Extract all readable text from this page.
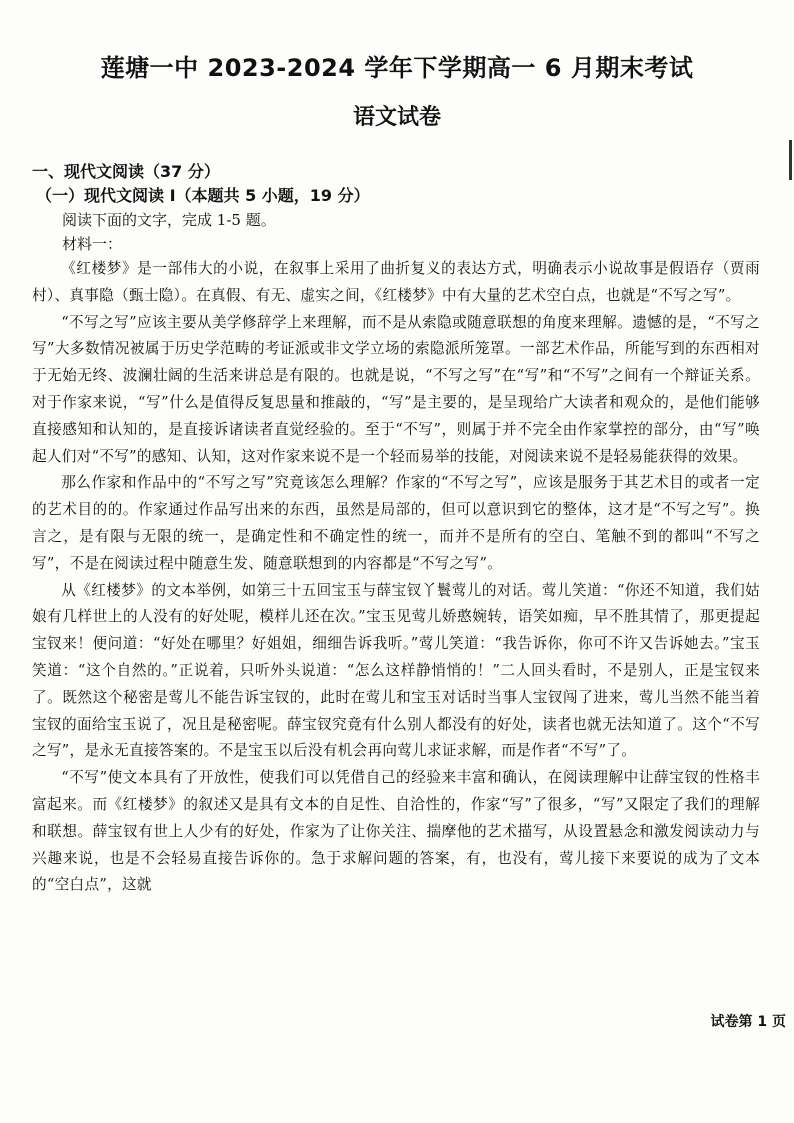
莲塘一中 2023-2024 学年下学期高一 6 月期末考试
语文试卷
一、现代文阅读（37 分）
（一）现代文阅读 I（本题共 5 小题，19 分）
阅读下面的文字，完成 1-5 题。
材料一：

《红楼梦》是一部伟大的小说，在叙事上采用了曲折复义的表达方式，明确表示小说故事是假语存（贾雨村）、真事隐（甄士隐）。在真假、有无、虚实之间，《红楼梦》中有大量的艺术空白点，也就是“不写之写”。

“不写之写”应该主要从美学修辞学上来理解，而不是从索隐或随意联想的角度来理解。遗憾的是，“不写之写”大多数情况被属于历史学范畴的考证派或非文学立场的索隐派所笼罩。一部艺术作品，所能写到的东西相对于无始无终、波澜壮阔的生活来讲总是有限的。也就是说，“不写之写”在“写”和“不写”之间有一个辩证关系。对于作家来说，“写”什么是值得反复思量和推敲的，“写”是主要的，是呈现给广大读者和观众的，是他们能够直接感知和认知的，是直接诉诸读者直觉经验的。至于“不写”，则属于并不完全由作家掌控的部分，由“写”唤起人们对“不写”的感知、认知，这对作家来说不是一个轻而易举的技能，对阅读来说不是轻易能获得的效果。

那么作家和作品中的“不写之写”究竟该怎么理解？作家的“不写之写”，应该是服务于其艺术目的或者一定的艺术目的的。作家通过作品写出来的东西，虽然是局部的，但可以意识到它的整体，这才是“不写之写”。换言之，是有限与无限的统一，是确定性和不确定性的统一，而并不是所有的空白、笔触不到的都叫“不写之写”，不是在阅读过程中随意生发、随意联想到的内容都是“不写之写”。

从《红楼梦》的文本举例，如第三十五回宝玉与薛宝钗丫鬟莺儿的对话。莺儿笑道：“你还不知道，我们姑娘有几样世上的人没有的好处呢，模样儿还在次。”宝玉见莺儿娇憨婉转，语笑如痴，早不胜其情了，那更提起宝钗来！便问道：“好处在哪里？好姐姐，细细告诉我听。”莺儿笑道：“我告诉你，你可不许又告诉她去。”宝玉笑道：“这个自然的。”正说着，只听外头说道：“怎么这样静悄悄的！”二人回头看时，不是别人，正是宝钗来了。既然这个秘密是莺儿不能告诉宝钗的，此时在莺儿和宝玉对话时当事人宝钗闯了进来，莺儿当然不能当着宝钗的面给宝玉说了，况且是秘密呢。薛宝钗究竟有什么别人都没有的好处，读者也就无法知道了。这个“不写之写”，是永无直接答案的。不是宝玉以后没有机会再向莺儿求证求解，而是作者“不写”了。

“不写”使文本具有了开放性，使我们可以凭借自己的经验来丰富和确认，在阅读理解中让薛宝钗的性格丰富起来。而《红楼梦》的叙述又是具有文本的自足性、自洽性的，作家“写”了很多，“写”又限定了我们的理解和联想。薛宝钗有世上人少有的好处，作家为了让你关注、揣摩他的艺术描写，从设置悬念和激发阅读动力与兴趣来说，也是不会轻易直接告诉你的。急于求解问题的答案，有，也没有，莺儿接下来要说的成为了文本的“空白点”，这就

试卷第 1 页
